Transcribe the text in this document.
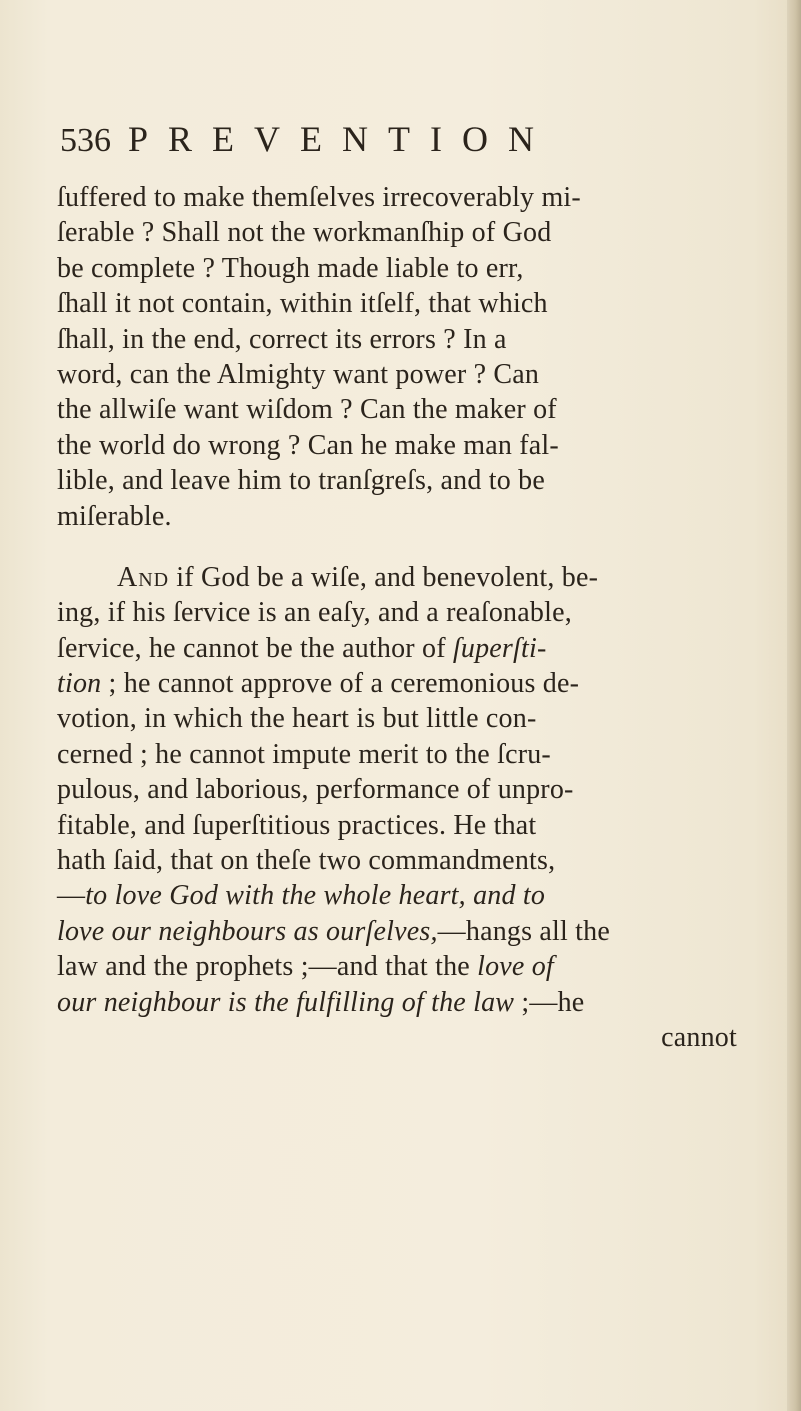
536 PREVENTION
ſuffered to make themſelves irrecoverably mi-
ſerable ? Shall not the workmanſhip of God
be complete ? Though made liable to err,
ſhall it not contain, within itſelf, that which
ſhall, in the end, correct its errors ? In a
word, can the Almighty want power ? Can
the allwiſe want wiſdom ? Can the maker of
the world do wrong ? Can he make man fal-
lible, and leave him to tranſgreſs, and to be
miſerable.
And if God be a wiſe, and benevolent, be-
ing, if his ſervice is an eaſy, and a reaſonable,
ſervice, he cannot be the author of ſuperſti-
tion ; he cannot approve of a ceremonious de-
votion, in which the heart is but little con-
cerned ; he cannot impute merit to the ſcru-
pulous, and laborious, performance of unpro-
fitable, and ſuperſtitious practices. He that
hath ſaid, that on theſe two commandments,
—to love God with the whole heart, and to
love our neighbours as ourſelves,—hangs all the
law and the prophets ;—and that the love of
our neighbour is the fulfilling of the law ;—he
cannot
